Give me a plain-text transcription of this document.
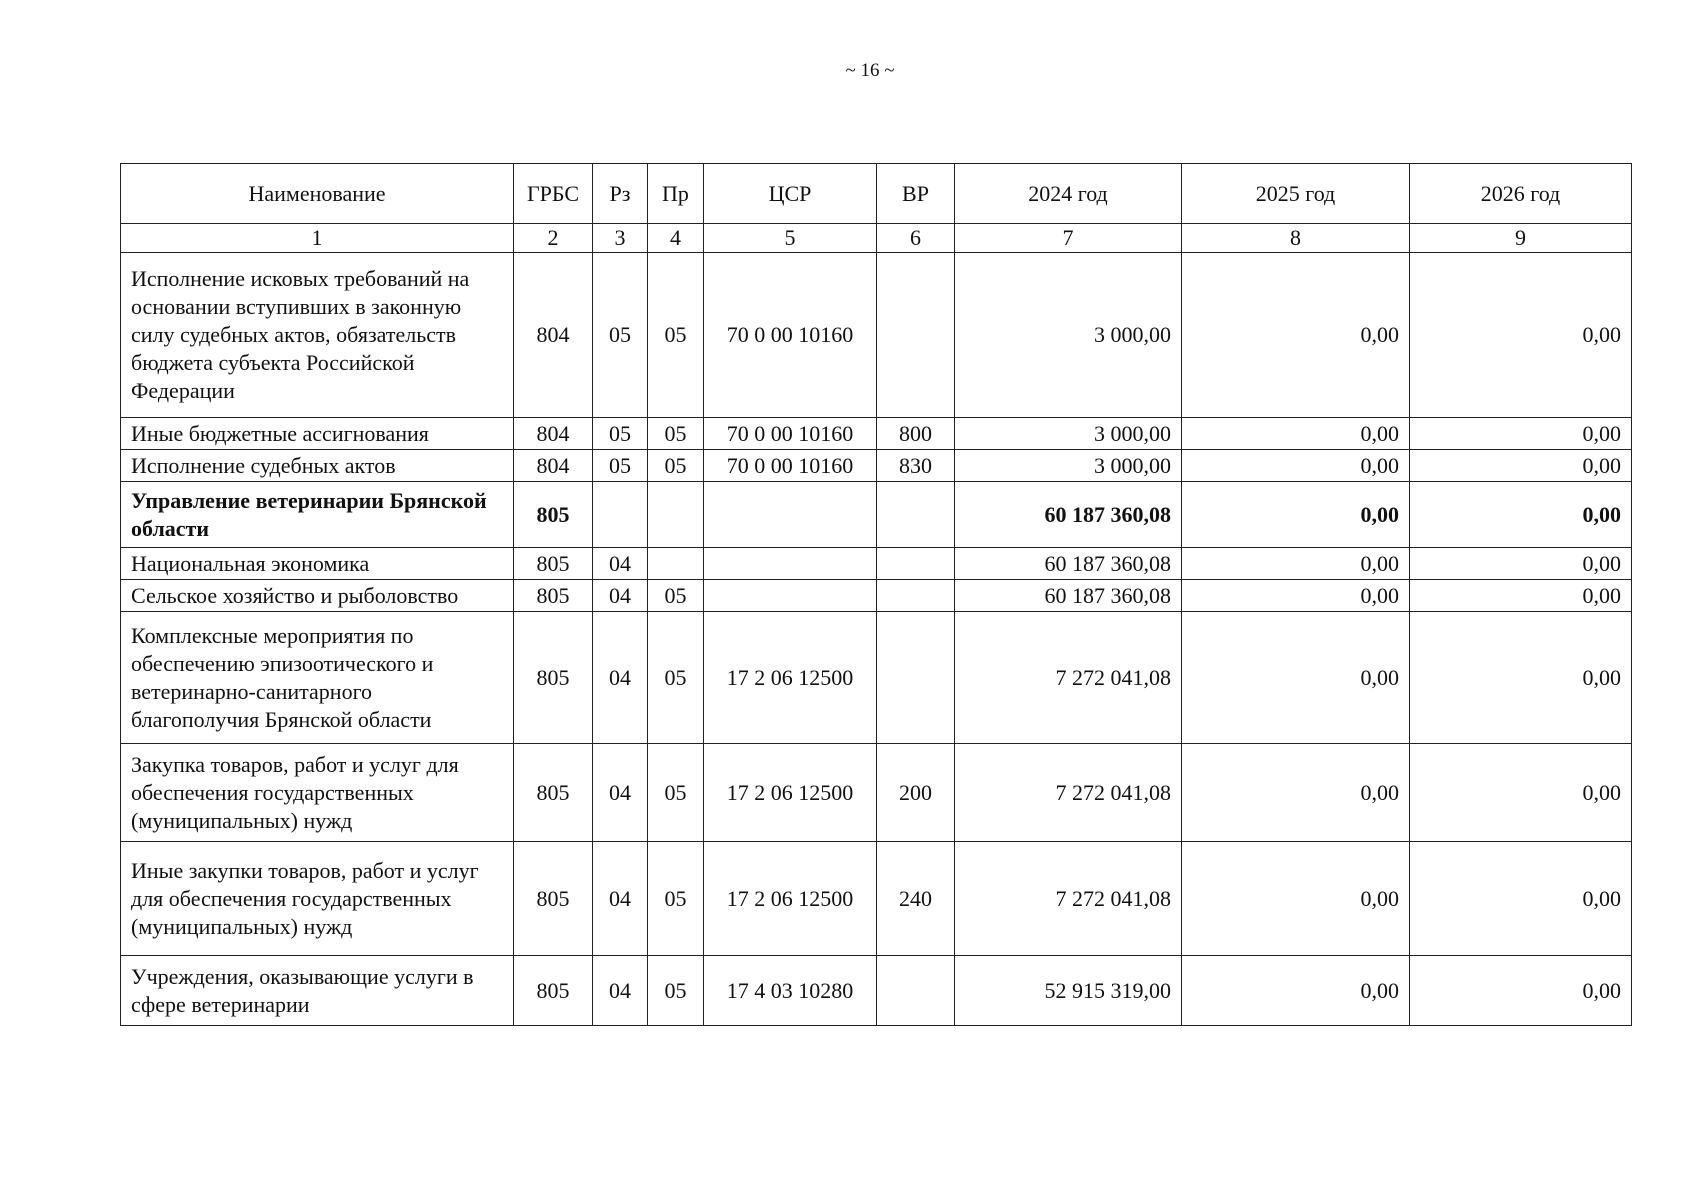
~ 16 ~
Наименование	ГРБС	Рз	Пр	ЦСР	ВР	2024 год	2025 год	2026 год
1	2	3	4	5	6	7	8	9
Исполнение исковых требований на основании вступивших в законную силу судебных актов, обязательств бюджета субъекта Российской Федерации	804	05	05	70 0 00 10160		3 000,00	0,00	0,00
Иные бюджетные ассигнования	804	05	05	70 0 00 10160	800	3 000,00	0,00	0,00
Исполнение судебных актов	804	05	05	70 0 00 10160	830	3 000,00	0,00	0,00
Управление ветеринарии Брянской области	805					60 187 360,08	0,00	0,00
Национальная экономика	805	04				60 187 360,08	0,00	0,00
Сельское хозяйство и рыболовство	805	04	05			60 187 360,08	0,00	0,00
Комплексные мероприятия по обеспечению эпизоотического и ветеринарно-санитарного благополучия Брянской области	805	04	05	17 2 06 12500		7 272 041,08	0,00	0,00
Закупка товаров, работ и услуг для обеспечения государственных (муниципальных) нужд	805	04	05	17 2 06 12500	200	7 272 041,08	0,00	0,00
Иные закупки товаров, работ и услуг для обеспечения государственных (муниципальных) нужд	805	04	05	17 2 06 12500	240	7 272 041,08	0,00	0,00
Учреждения, оказывающие услуги в сфере ветеринарии	805	04	05	17 4 03 10280		52 915 319,00	0,00	0,00
